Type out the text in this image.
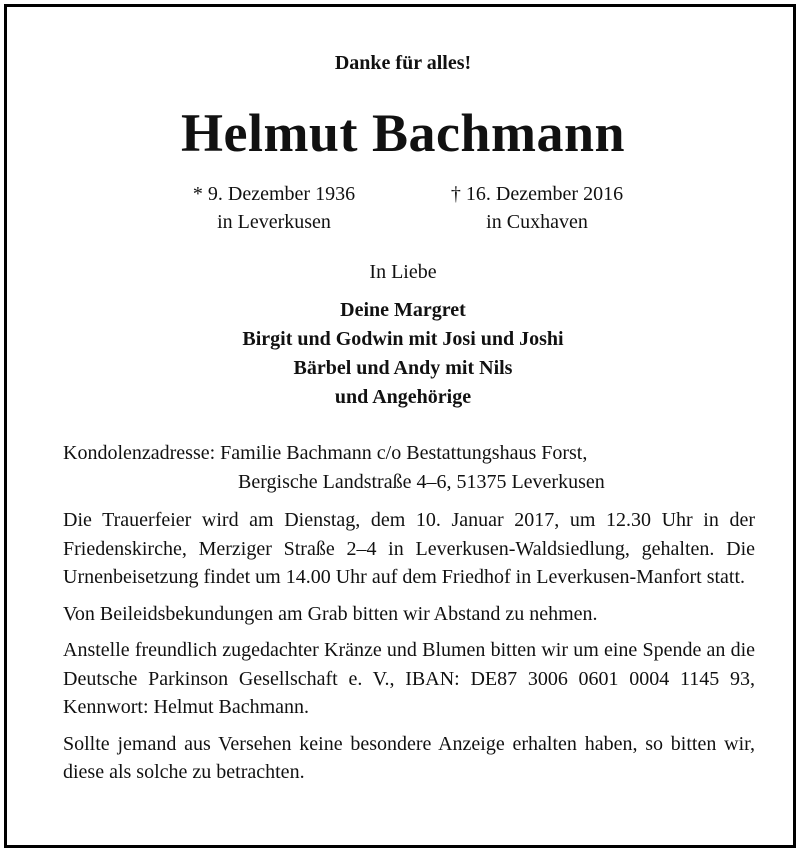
Danke für alles!
Helmut Bachmann
* 9. Dezember 1936
in Leverkusen
† 16. Dezember 2016
in Cuxhaven
In Liebe
Deine Margret
Birgit und Godwin mit Josi und Joshi
Bärbel und Andy mit Nils
und Angehörige
Kondolenzadresse: Familie Bachmann c/o Bestattungshaus Forst,
Bergische Landstraße 4–6, 51375 Leverkusen

Die Trauerfeier wird am Dienstag, dem 10. Januar 2017, um 12.30 Uhr in der Friedenskirche, Merziger Straße 2–4 in Leverkusen-Waldsiedlung, gehalten. Die Urnenbeisetzung findet um 14.00 Uhr auf dem Friedhof in Leverkusen-Manfort statt.

Von Beileidsbekundungen am Grab bitten wir Abstand zu nehmen.

Anstelle freundlich zugedachter Kränze und Blumen bitten wir um eine Spende an die Deutsche Parkinson Gesellschaft e. V., IBAN: DE87 3006 0601 0004 1145 93, Kennwort: Helmut Bachmann.

Sollte jemand aus Versehen keine besondere Anzeige erhalten haben, so bitten wir, diese als solche zu betrachten.
